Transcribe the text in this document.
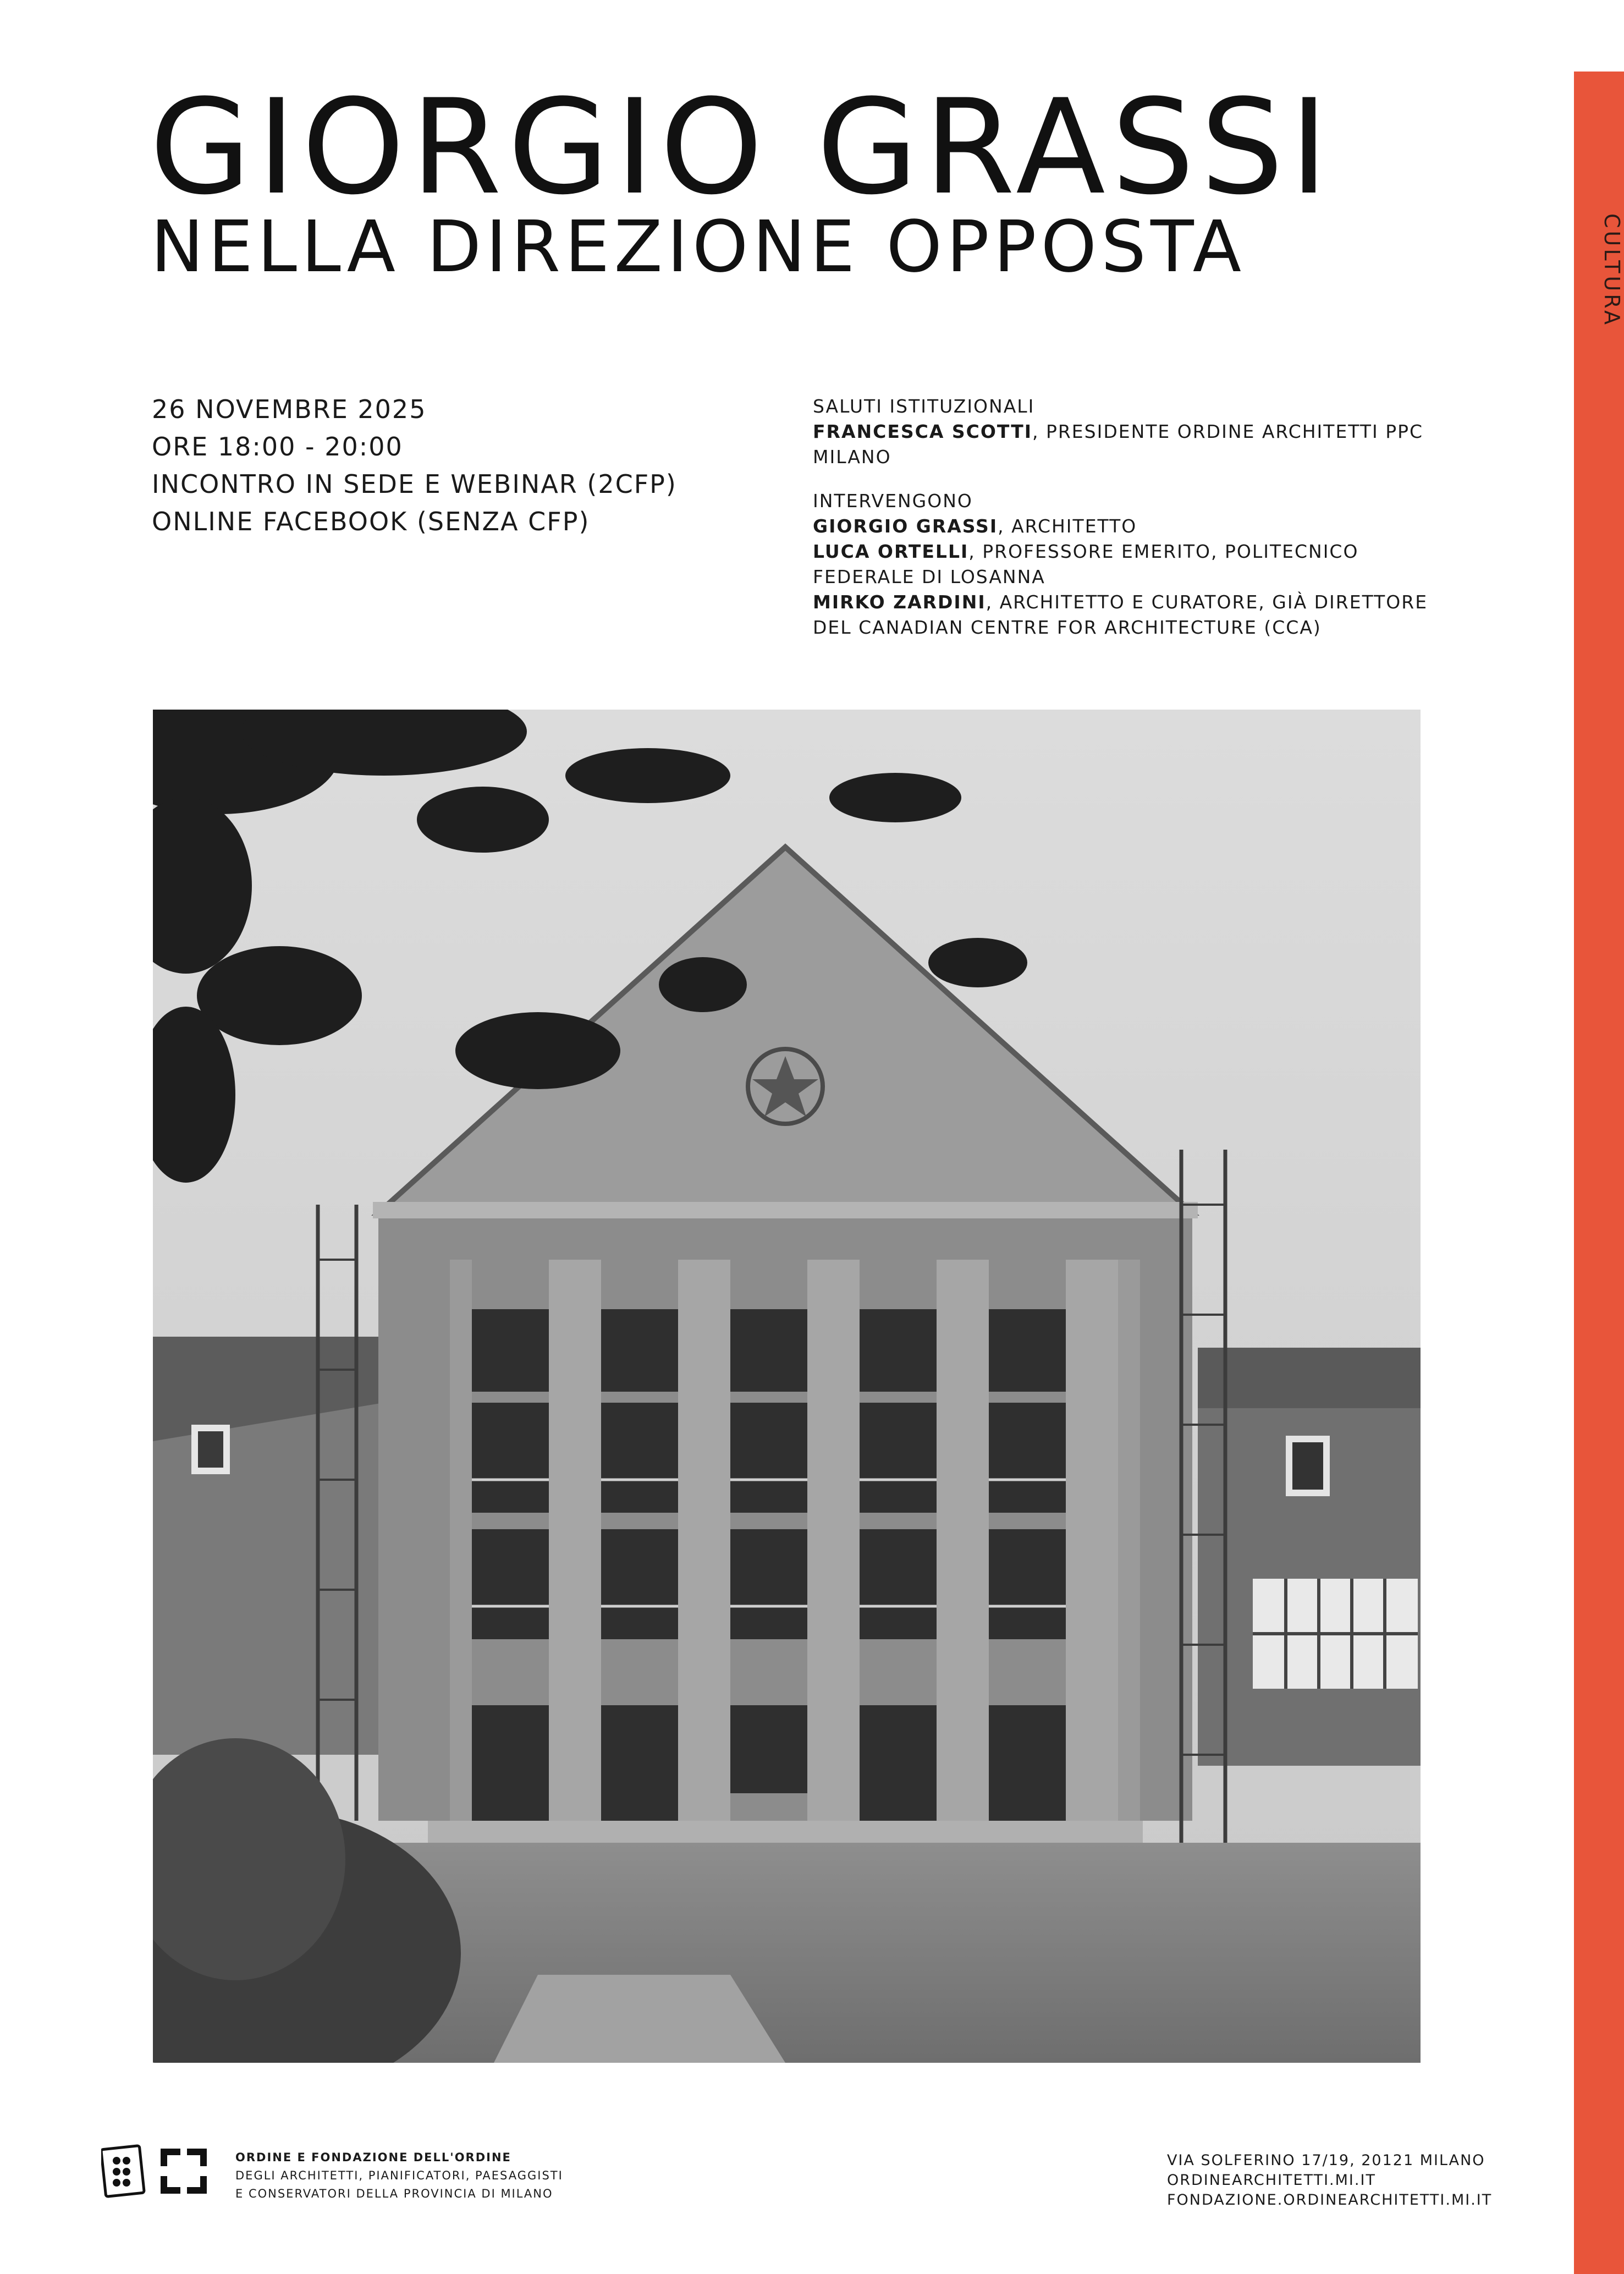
CULTURA
GIORGIO GRASSI
NELLA DIREZIONE OPPOSTA
26 NOVEMBRE 2025
ORE 18:00 - 20:00
INCONTRO IN SEDE E WEBINAR (2CFP)
ONLINE FACEBOOK (SENZA CFP)

SALUTI ISTITUZIONALI

FRANCESCA SCOTTI, PRESIDENTE ORDINE ARCHITETTI PPC MILANO

INTERVENGONO

GIORGIO GRASSI, ARCHITETTO

LUCA ORTELLI, PROFESSORE EMERITO, POLITECNICO FEDERALE DI LOSANNA

MIRKO ZARDINI, ARCHITETTO E CURATORE, GIÀ DIRETTORE DEL CANADIAN CENTRE FOR ARCHITECTURE (CCA)

ORDINE E FONDAZIONE DELL'ORDINE
DEGLI ARCHITETTI, PIANIFICATORI, PAESAGGISTI
E CONSERVATORI DELLA PROVINCIA DI MILANO
VIA SOLFERINO 17/19, 20121 MILANO
ORDINEARCHITETTI.MI.IT
FONDAZIONE.ORDINEARCHITETTI.MI.IT
